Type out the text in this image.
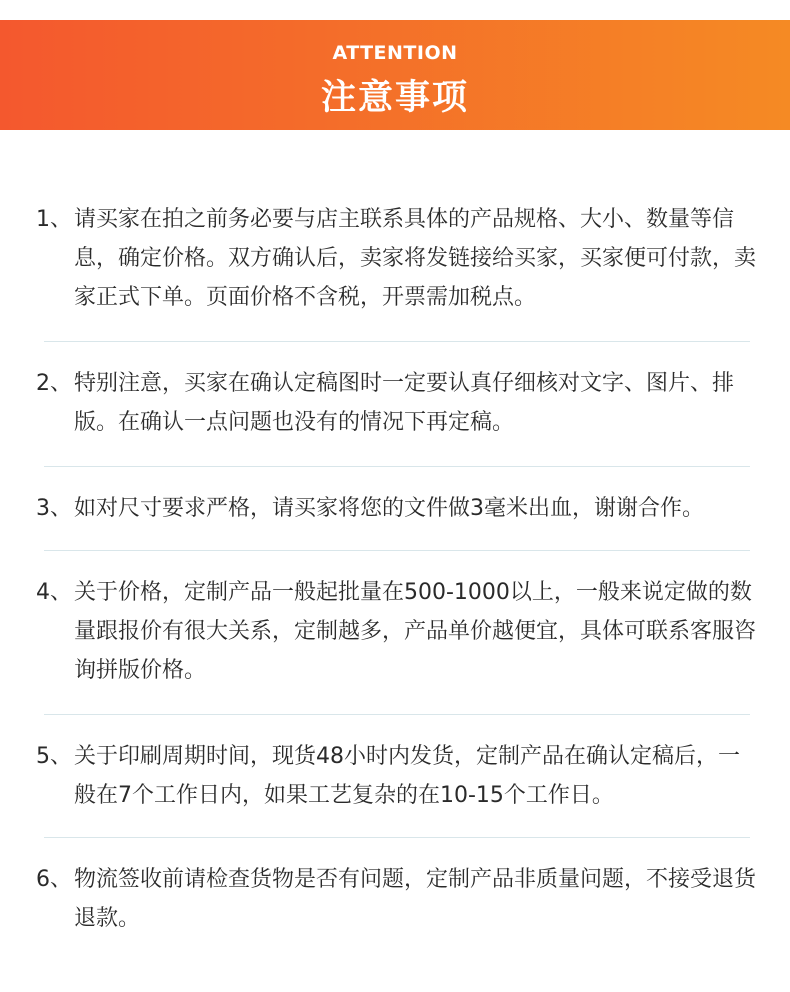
ATTENTION
注意事项
1、 请买家在拍之前务必要与店主联系具体的产品规格、大小、数量等信息，确定价格。双方确认后，卖家将发链接给买家，买家便可付款，卖家正式下单。页面价格不含税，开票需加税点。
2、 特别注意，买家在确认定稿图时一定要认真仔细核对文字、图片、排版。在确认一点问题也没有的情况下再定稿。
3、 如对尺寸要求严格，请买家将您的文件做3毫米出血，谢谢合作。
4、 关于价格，定制产品一般起批量在500-1000以上，一般来说定做的数量跟报价有很大关系，定制越多，产品单价越便宜，具体可联系客服咨询拼版价格。
5、 关于印刷周期时间，现货48小时内发货，定制产品在确认定稿后，一般在7个工作日内，如果工艺复杂的在10-15个工作日。
6、 物流签收前请检查货物是否有问题，定制产品非质量问题，不接受退货退款。
